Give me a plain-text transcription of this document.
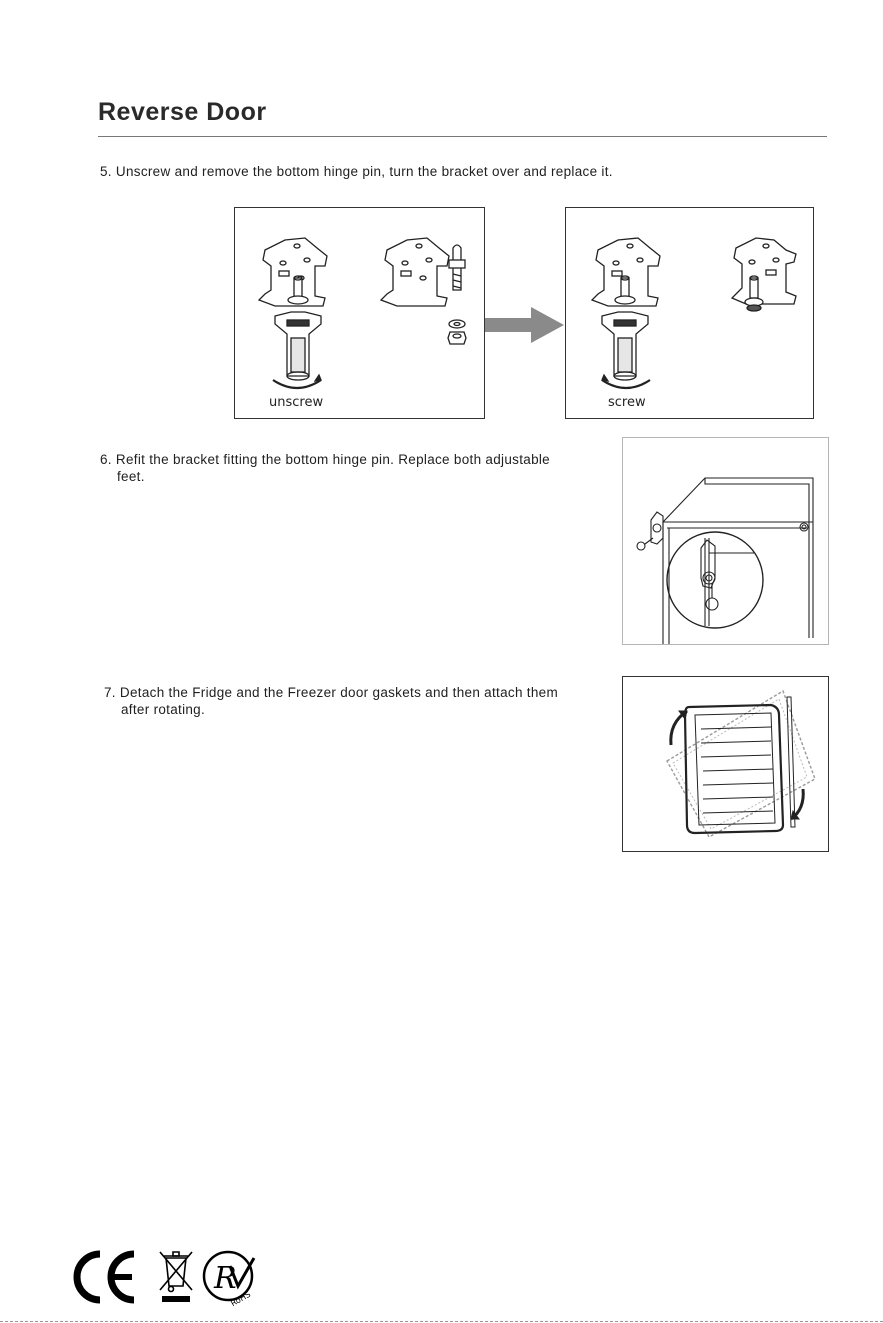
Reverse Door
5. Unscrew and remove the bottom hinge pin, turn the bracket over and replace it.
unscrew	screw
6. Refit the bracket fitting the bottom hinge pin. Replace both adjustable
feet.
7. Detach the Fridge and the Freezer door gaskets and then attach them
after rotating.
R
RoHS
